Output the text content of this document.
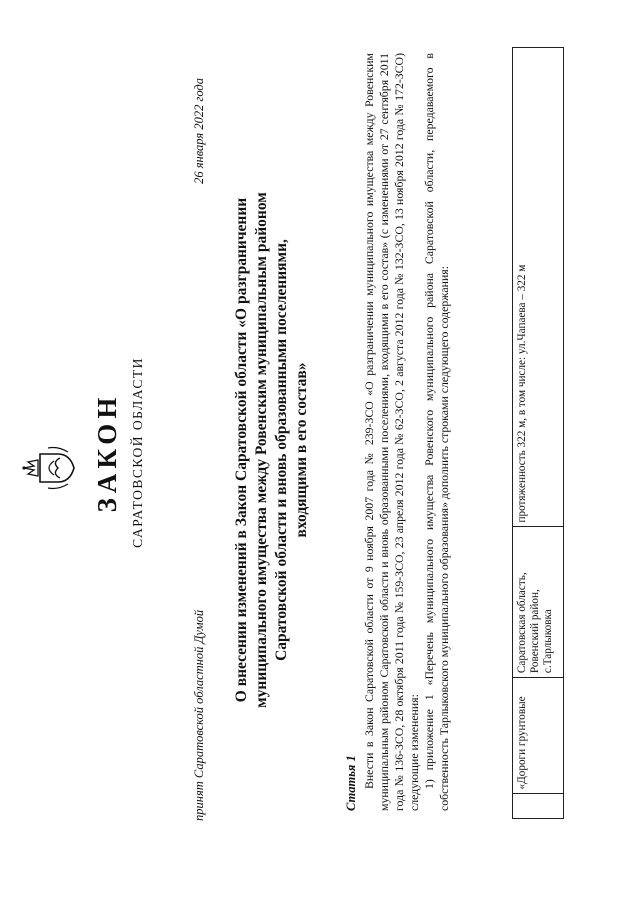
ЗАКОН САРАТОВСКОЙ ОБЛАСТИ
принят Саратовской областной Думой
26 января 2022 года
О внесении изменений в Закон Саратовской области «О разграничении муниципального имущества между Ровенским муниципальным районом Саратовской области и вновь образованными поселениями, входящими в его состав»
Статья 1 Внести в Закон Саратовской области от 9 ноября 2007 года № 239-ЗСО «О разграничении муниципального имущества между Ровенским муниципальным районом Саратовской области и вновь образованными поселениями, входящими в его состав» (с изменениями от 27 сентября 2011 года № 136-ЗСО, 28 октября 2011 года № 159-ЗСО, 23 апреля 2012 года № 62-ЗСО, 2 августа 2012 года № 132-ЗСО, 13 ноября 2012 года № 172-ЗСО) следующие изменения: 1) приложение 1 «Перечень муниципального имущества Ровенского муниципального района Саратовской области, передаваемого в собственность Тарлыковского муниципального образования» дополнить строками следующего содержания:

		«Дороги грунтовые	Саратовская область, Ровенский район, с.Тарлыковка	протяженность 322 м, в том числе: ул.Чапаева – 322 м
